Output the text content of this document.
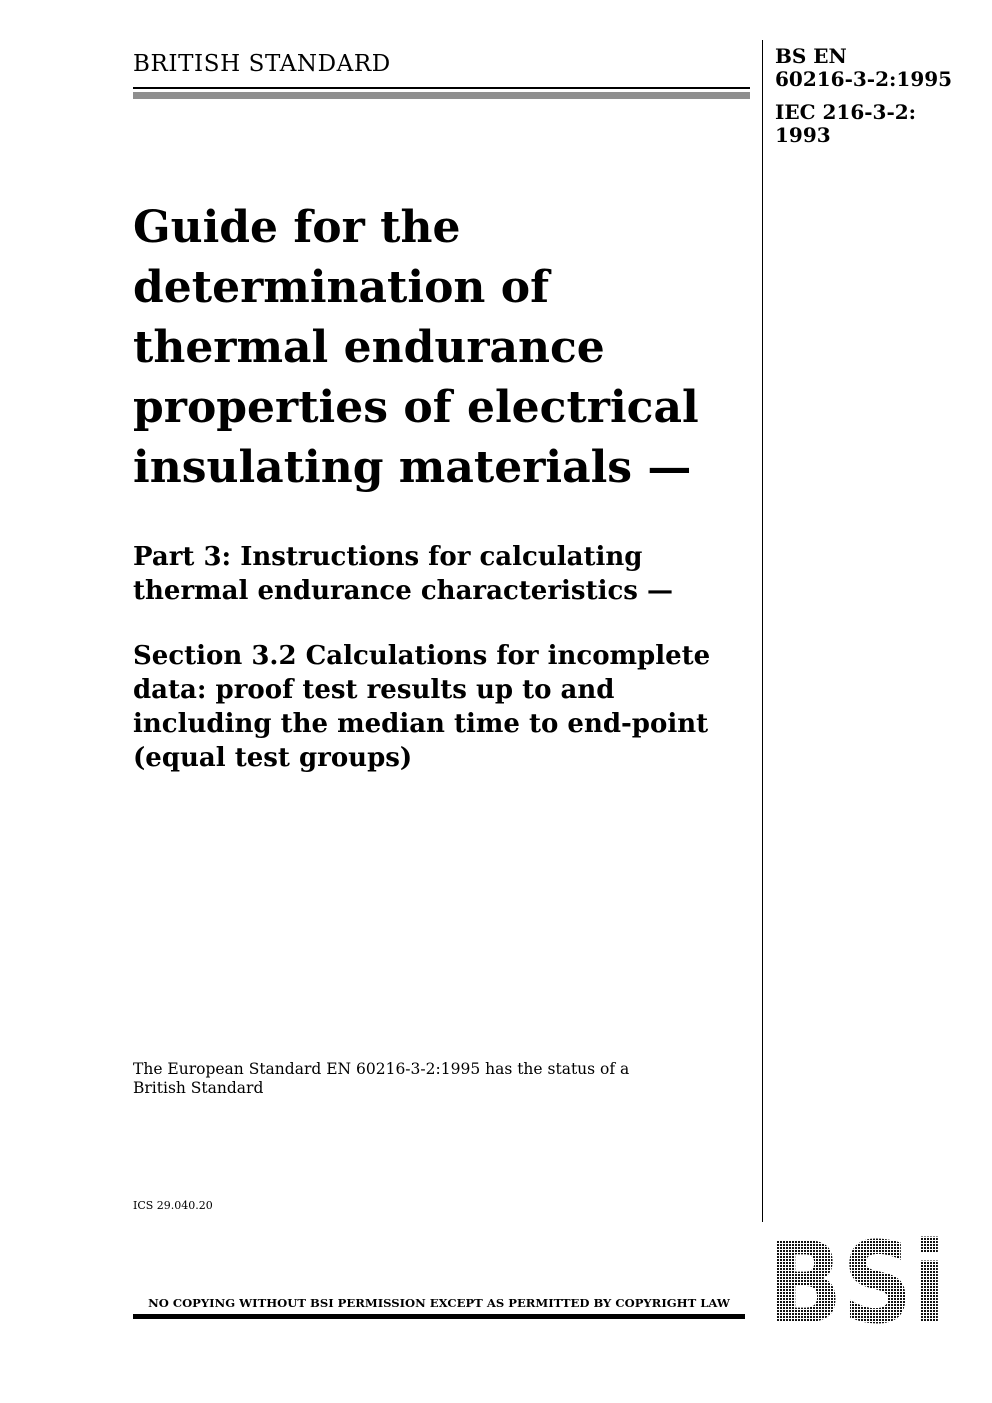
BRITISH STANDARD	BS EN
60216-3-2:1995
IEC 216-3-2:
1993
Guide for the
determination of
thermal endurance
properties of electrical
insulating materials —
Part 3: Instructions for calculating
thermal endurance characteristics —
Section 3.2 Calculations for incomplete
data: proof test results up to and
including the median time to end-point
(equal test groups)
The European Standard EN 60216-3-2:1995 has the status of a
British Standard
ICS 29.040.20
BSi
NO COPYING WITHOUT BSI PERMISSION EXCEPT AS PERMITTED BY COPYRIGHT LAW
